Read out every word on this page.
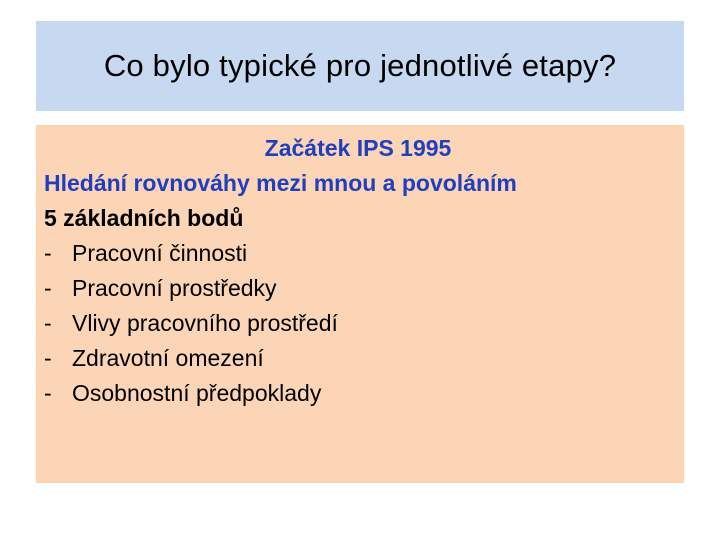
Co bylo typické pro jednotlivé etapy?
Začátek IPS 1995
Hledání rovnováhy mezi mnou a povoláním
5 základních bodů
- Pracovní činnosti
- Pracovní prostředky
- Vlivy pracovního prostředí
- Zdravotní omezení
- Osobnostní předpoklady
